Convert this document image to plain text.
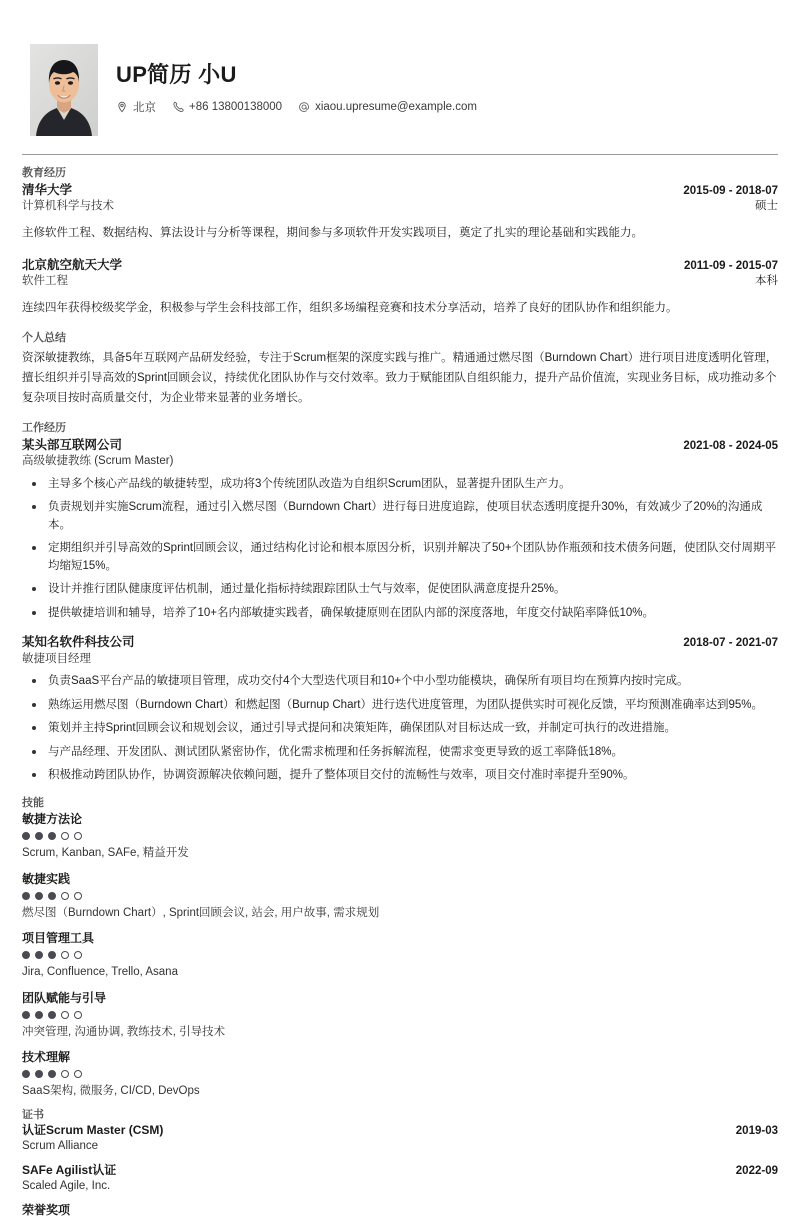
UP简历 小U
北京	+86 13800138000	xiaou.upresume@example.com
教育经历
清华大学	2015-09 - 2018-07
计算机科学与技术	硕士
主修软件工程、数据结构、算法设计与分析等课程，期间参与多项软件开发实践项目，奠定了扎实的理论基础和实践能力。
北京航空航天大学	2011-09 - 2015-07
软件工程	本科
连续四年获得校级奖学金，积极参与学生会科技部工作，组织多场编程竞赛和技术分享活动，培养了良好的团队协作和组织能力。
个人总结
资深敏捷教练，具备5年互联网产品研发经验，专注于Scrum框架的深度实践与推广。精通通过燃尽图（Burndown Chart）进行项目进度透明化管理，擅长组织并引导高效的Sprint回顾会议，持续优化团队协作与交付效率。致力于赋能团队自组织能力，提升产品价值流，实现业务目标，成功推动多个复杂项目按时高质量交付，为企业带来显著的业务增长。
工作经历
某头部互联网公司	2021-08 - 2024-05
高级敏捷教练 (Scrum Master)
主导多个核心产品线的敏捷转型，成功将3个传统团队改造为自组织Scrum团队，显著提升团队生产力。
负责规划并实施Scrum流程，通过引入燃尽图（Burndown Chart）进行每日进度追踪，使项目状态透明度提升30%，有效减少了20%的沟通成本。
定期组织并引导高效的Sprint回顾会议，通过结构化讨论和根本原因分析，识别并解决了50+个团队协作瓶颈和技术债务问题，使团队交付周期平均缩短15%。
设计并推行团队健康度评估机制，通过量化指标持续跟踪团队士气与效率，促使团队满意度提升25%。
提供敏捷培训和辅导，培养了10+名内部敏捷实践者，确保敏捷原则在团队内部的深度落地，年度交付缺陷率降低10%。
某知名软件科技公司	2018-07 - 2021-07
敏捷项目经理
负责SaaS平台产品的敏捷项目管理，成功交付4个大型迭代项目和10+个中小型功能模块，确保所有项目均在预算内按时完成。
熟练运用燃尽图（Burndown Chart）和燃起图（Burnup Chart）进行迭代进度管理，为团队提供实时可视化反馈，平均预测准确率达到95%。
策划并主持Sprint回顾会议和规划会议，通过引导式提问和决策矩阵，确保团队对目标达成一致，并制定可执行的改进措施。
与产品经理、开发团队、测试团队紧密协作，优化需求梳理和任务拆解流程，使需求变更导致的返工率降低18%。
积极推动跨团队协作，协调资源解决依赖问题，提升了整体项目交付的流畅性与效率，项目交付准时率提升至90%。
技能
敏捷方法论
Scrum, Kanban, SAFe, 精益开发
敏捷实践
燃尽图（Burndown Chart）, Sprint回顾会议, 站会, 用户故事, 需求规划
项目管理工具
Jira, Confluence, Trello, Asana
团队赋能与引导
冲突管理, 沟通协调, 教练技术, 引导技术
技术理解
SaaS架构, 微服务, CI/CD, DevOps
证书
认证Scrum Master (CSM)	2019-03
Scrum Alliance
SAFe Agilist认证	2022-09
Scaled Agile, Inc.
荣誉奖项
